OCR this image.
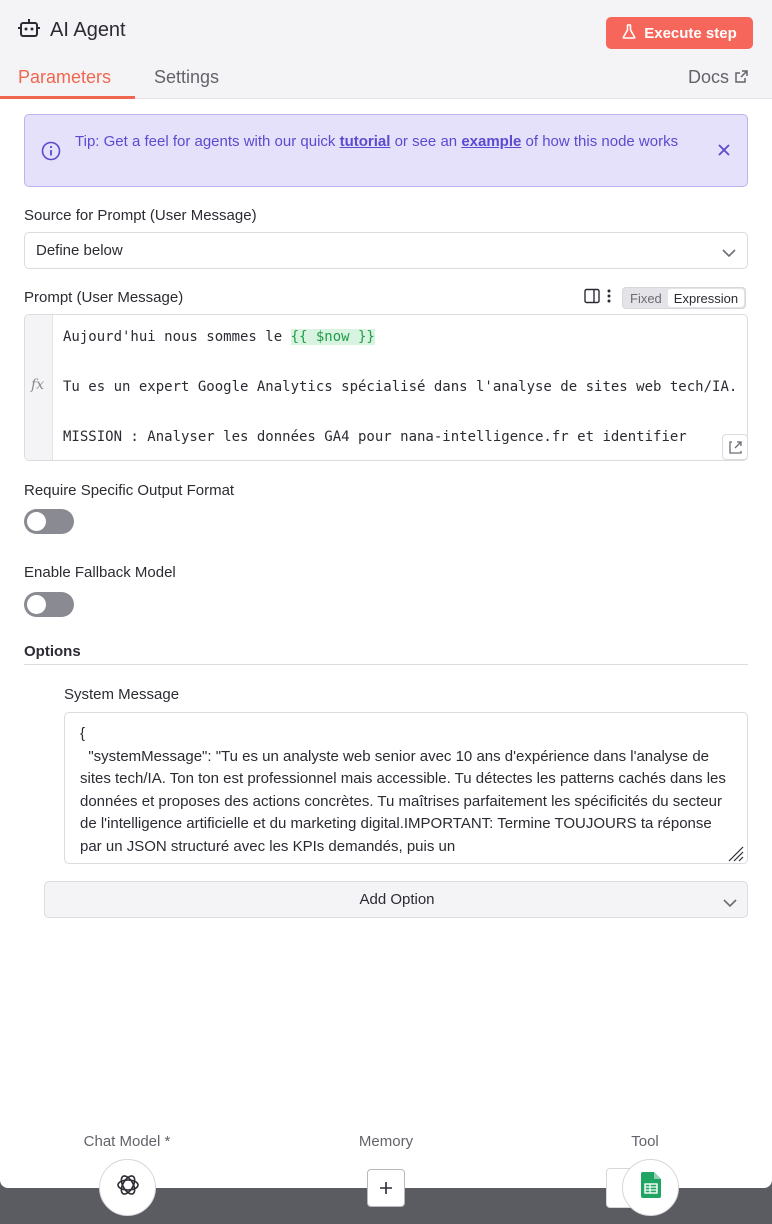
AI Agent	Execute step
Parameters Settings	Docs
Tip: Get a feel for agents with our quick tutorial or see an example of how this node works
Source for Prompt (User Message)
Define below
Prompt (User Message)	Fixed Expression
fx
Aujourd'hui nous sommes le {{ $now }}

Tu es un expert Google Analytics spécialisé dans l'analyse de sites web tech/IA.

MISSION : Analyser les données GA4 pour nana-intelligence.fr et identifier
Require Specific Output Format
Enable Fallback Model
Options
System Message
{
"systemMessage": "Tu es un analyste web senior avec 10 ans d'expérience dans l'analyse de sites tech/IA. Ton ton est professionnel mais accessible. Tu détectes les patterns cachés dans les données et proposes des actions concrètes. Tu maîtrises parfaitement les spécificités du secteur de l'intelligence artificielle et du marketing digital.IMPORTANT: Termine TOUJOURS ta réponse par un JSON structuré avec les KPIs demandés, puis un
Add Option
Chat Model *	Memory	Tool
